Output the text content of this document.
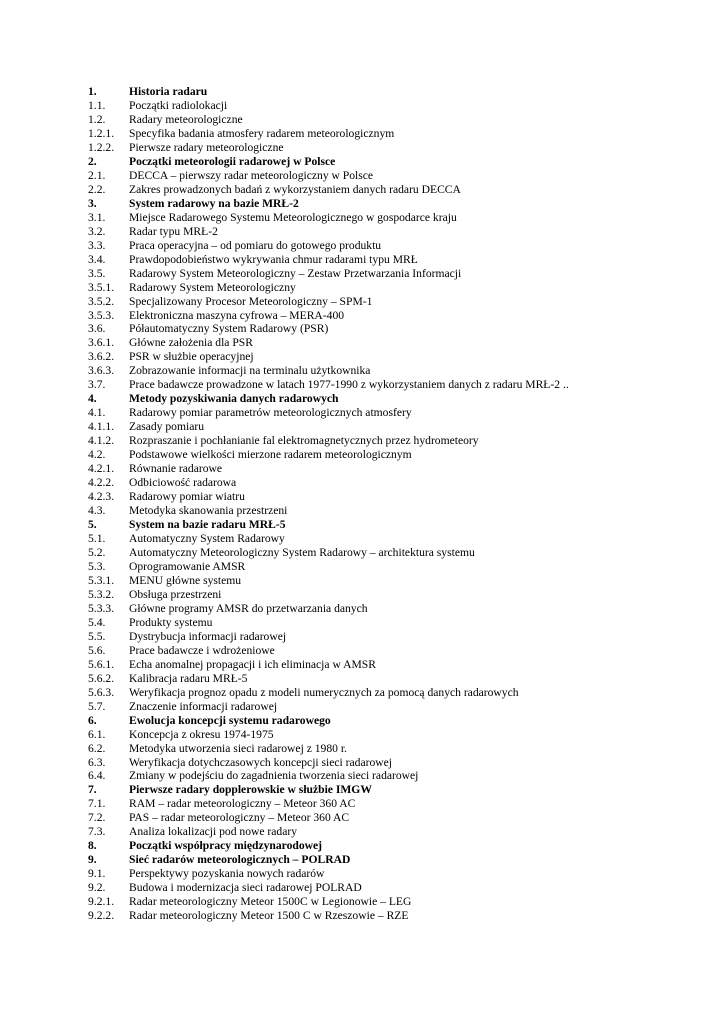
1.	Historia radaru
1.1.	Początki radiolokacji
1.2.	Radary meteorologiczne
1.2.1.	Specyfika badania atmosfery radarem meteorologicznym
1.2.2.	Pierwsze radary meteorologiczne
2.	Początki meteorologii radarowej w Polsce
2.1.	DECCA – pierwszy radar meteorologiczny w Polsce
2.2.	Zakres prowadzonych badań z wykorzystaniem danych radaru DECCA
3.	System radarowy na bazie MRŁ-2
3.1.	Miejsce Radarowego Systemu Meteorologicznego w gospodarce kraju
3.2.	Radar typu MRŁ-2
3.3.	Praca operacyjna – od pomiaru do gotowego produktu
3.4.	Prawdopodobieństwo wykrywania chmur radarami typu MRŁ
3.5.	Radarowy System Meteorologiczny – Zestaw Przetwarzania Informacji
3.5.1.	Radarowy System Meteorologiczny
3.5.2.	Specjalizowany Procesor Meteorologiczny – SPM-1
3.5.3.	Elektroniczna maszyna cyfrowa – MERA-400
3.6.	Półautomatyczny System Radarowy (PSR)
3.6.1.	Główne założenia dla PSR
3.6.2.	PSR w służbie operacyjnej
3.6.3.	Zobrazowanie informacji na terminalu użytkownika
3.7.	Prace badawcze prowadzone w latach 1977-1990 z wykorzystaniem danych z radaru MRŁ-2 ..
4.	Metody pozyskiwania danych radarowych
4.1.	Radarowy pomiar parametrów meteorologicznych atmosfery
4.1.1.	Zasady pomiaru
4.1.2.	Rozpraszanie i pochłanianie fal elektromagnetycznych przez hydrometeory
4.2.	Podstawowe wielkości mierzone radarem meteorologicznym
4.2.1.	Równanie radarowe
4.2.2.	Odbiciowość radarowa
4.2.3.	Radarowy pomiar wiatru
4.3.	Metodyka skanowania przestrzeni
5.	System na bazie radaru MRŁ-5
5.1.	Automatyczny System Radarowy
5.2.	Automatyczny Meteorologiczny System Radarowy – architektura systemu
5.3.	Oprogramowanie AMSR
5.3.1.	MENU główne systemu
5.3.2.	Obsługa przestrzeni
5.3.3.	Główne programy AMSR do przetwarzania danych
5.4.	Produkty systemu
5.5.	Dystrybucja informacji radarowej
5.6.	Prace badawcze i wdrożeniowe
5.6.1.	Echa anomalnej propagacji i ich eliminacja w AMSR
5.6.2.	Kalibracja radaru MRŁ-5
5.6.3.	Weryfikacja prognoz opadu z modeli numerycznych za pomocą danych radarowych
5.7.	Znaczenie informacji radarowej
6.	Ewolucja koncepcji systemu radarowego
6.1.	Koncepcja z okresu 1974-1975
6.2.	Metodyka utworzenia sieci radarowej z 1980 r.
6.3.	Weryfikacja dotychczasowych koncepcji sieci radarowej
6.4.	Zmiany w podejściu do zagadnienia tworzenia sieci radarowej
7.	Pierwsze radary dopplerowskie w służbie IMGW
7.1.	RAM – radar meteorologiczny – Meteor 360 AC
7.2.	PAS – radar meteorologiczny – Meteor 360 AC
7.3.	Analiza lokalizacji pod nowe radary
8.	Początki współpracy międzynarodowej
9.	Sieć radarów meteorologicznych – POLRAD
9.1.	Perspektywy pozyskania nowych radarów
9.2.	Budowa i modernizacja sieci radarowej POLRAD
9.2.1.	Radar meteorologiczny Meteor 1500C w Legionowie – LEG
9.2.2.	Radar meteorologiczny Meteor 1500 C w Rzeszowie – RZE
